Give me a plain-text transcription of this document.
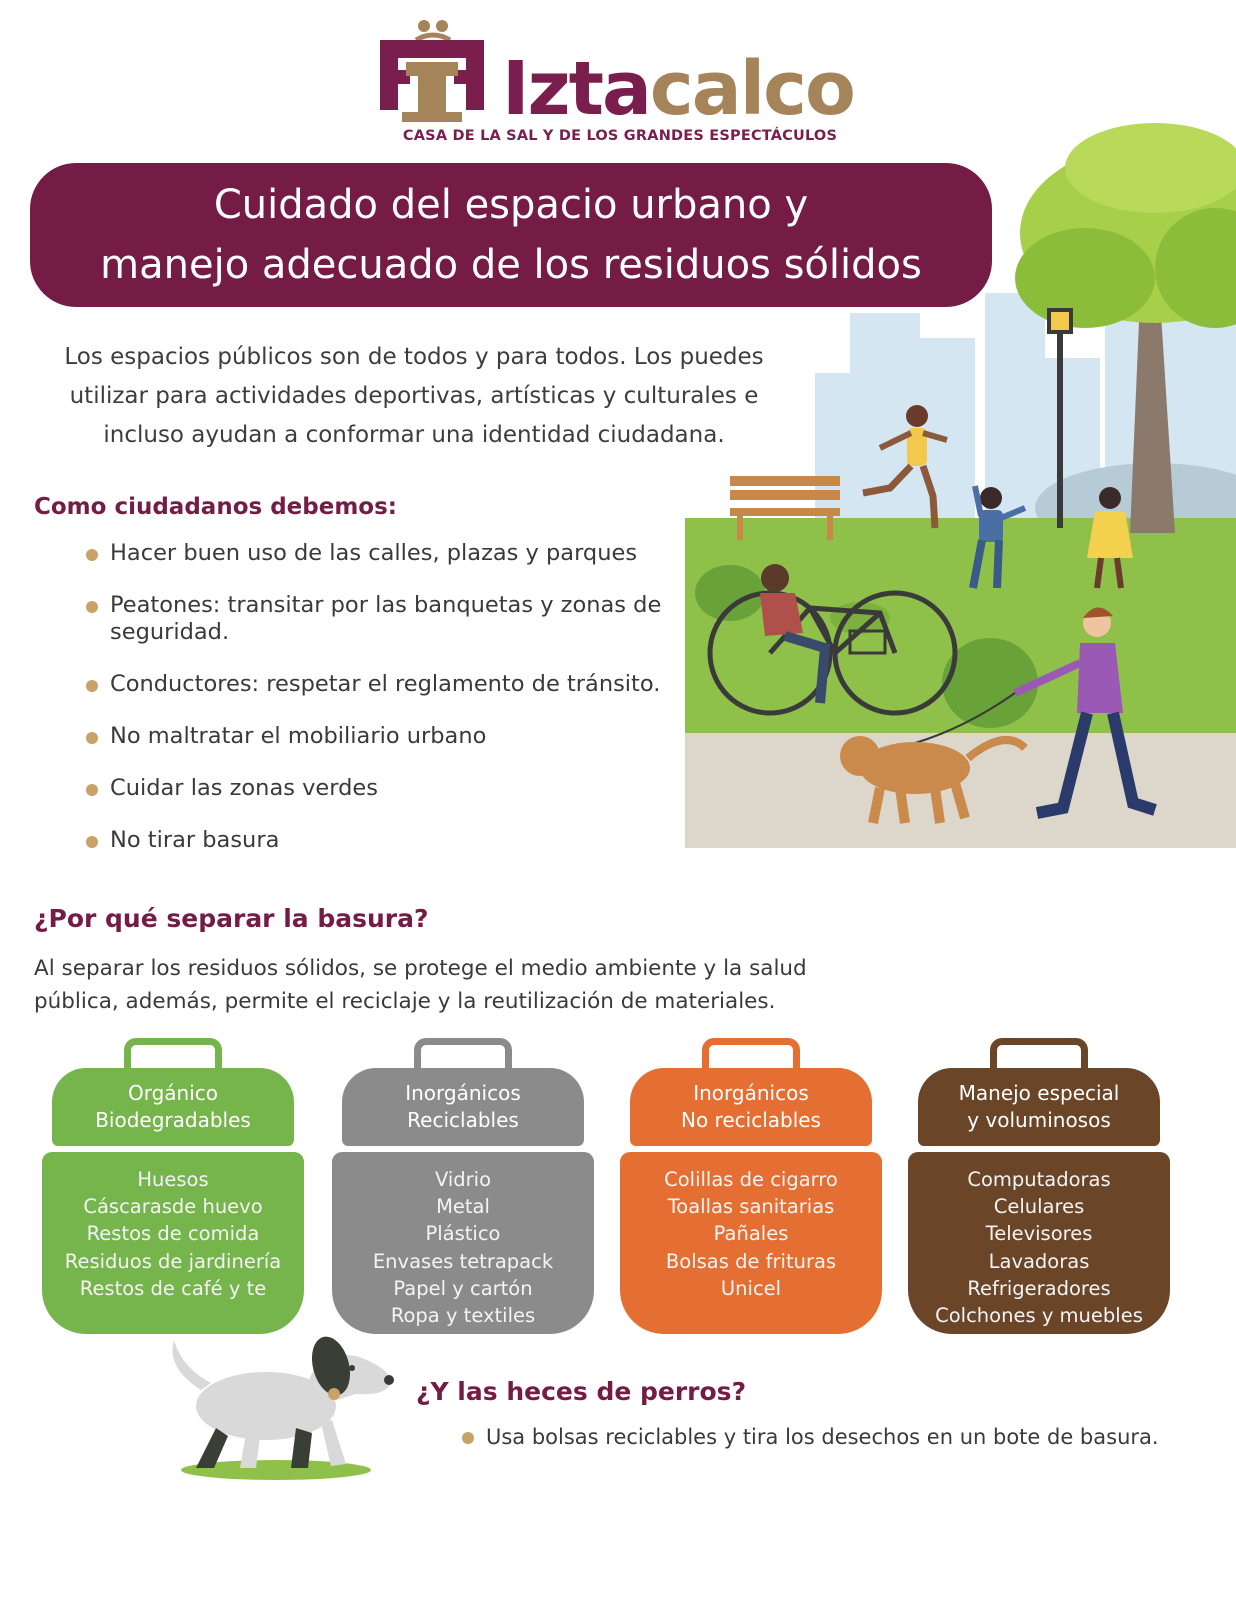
Iztacalco
CASA DE LA SAL Y DE LOS GRANDES ESPECTÁCULOS
Cuidado del espacio urbano y
manejo adecuado de los residuos sólidos
Los espacios públicos son de todos y para todos. Los puedes
utilizar para actividades deportivas, artísticas y culturales e
incluso ayudan a conformar una identidad ciudadana.
Como ciudadanos debemos:
Hacer buen uso de las calles, plazas y parques
Peatones: transitar por las banquetas y zonas de seguridad.
Conductores: respetar el reglamento de tránsito.
No maltratar el mobiliario urbano
Cuidar las zonas verdes
No tirar basura
¿Por qué separar la basura?
Al separar los residuos sólidos, se protege el medio ambiente y la salud
pública, además, permite el reciclaje y la reutilización de materiales.
Orgánico
Biodegradables
Huesos
Cáscarasde huevo
Restos de comida
Residuos de jardinería
Restos de café y te
Inorgánicos
Reciclables
Vidrio
Metal
Plástico
Envases tetrapack
Papel y cartón
Ropa y textiles
Inorgánicos
No reciclables
Colillas de cigarro
Toallas sanitarias
Pañales
Bolsas de frituras
Unicel
Manejo especial
y voluminosos
Computadoras
Celulares
Televisores
Lavadoras
Refrigeradores
Colchones y muebles
¿Y las heces de perros?
Usa bolsas reciclables y tira los desechos en un bote de basura.
